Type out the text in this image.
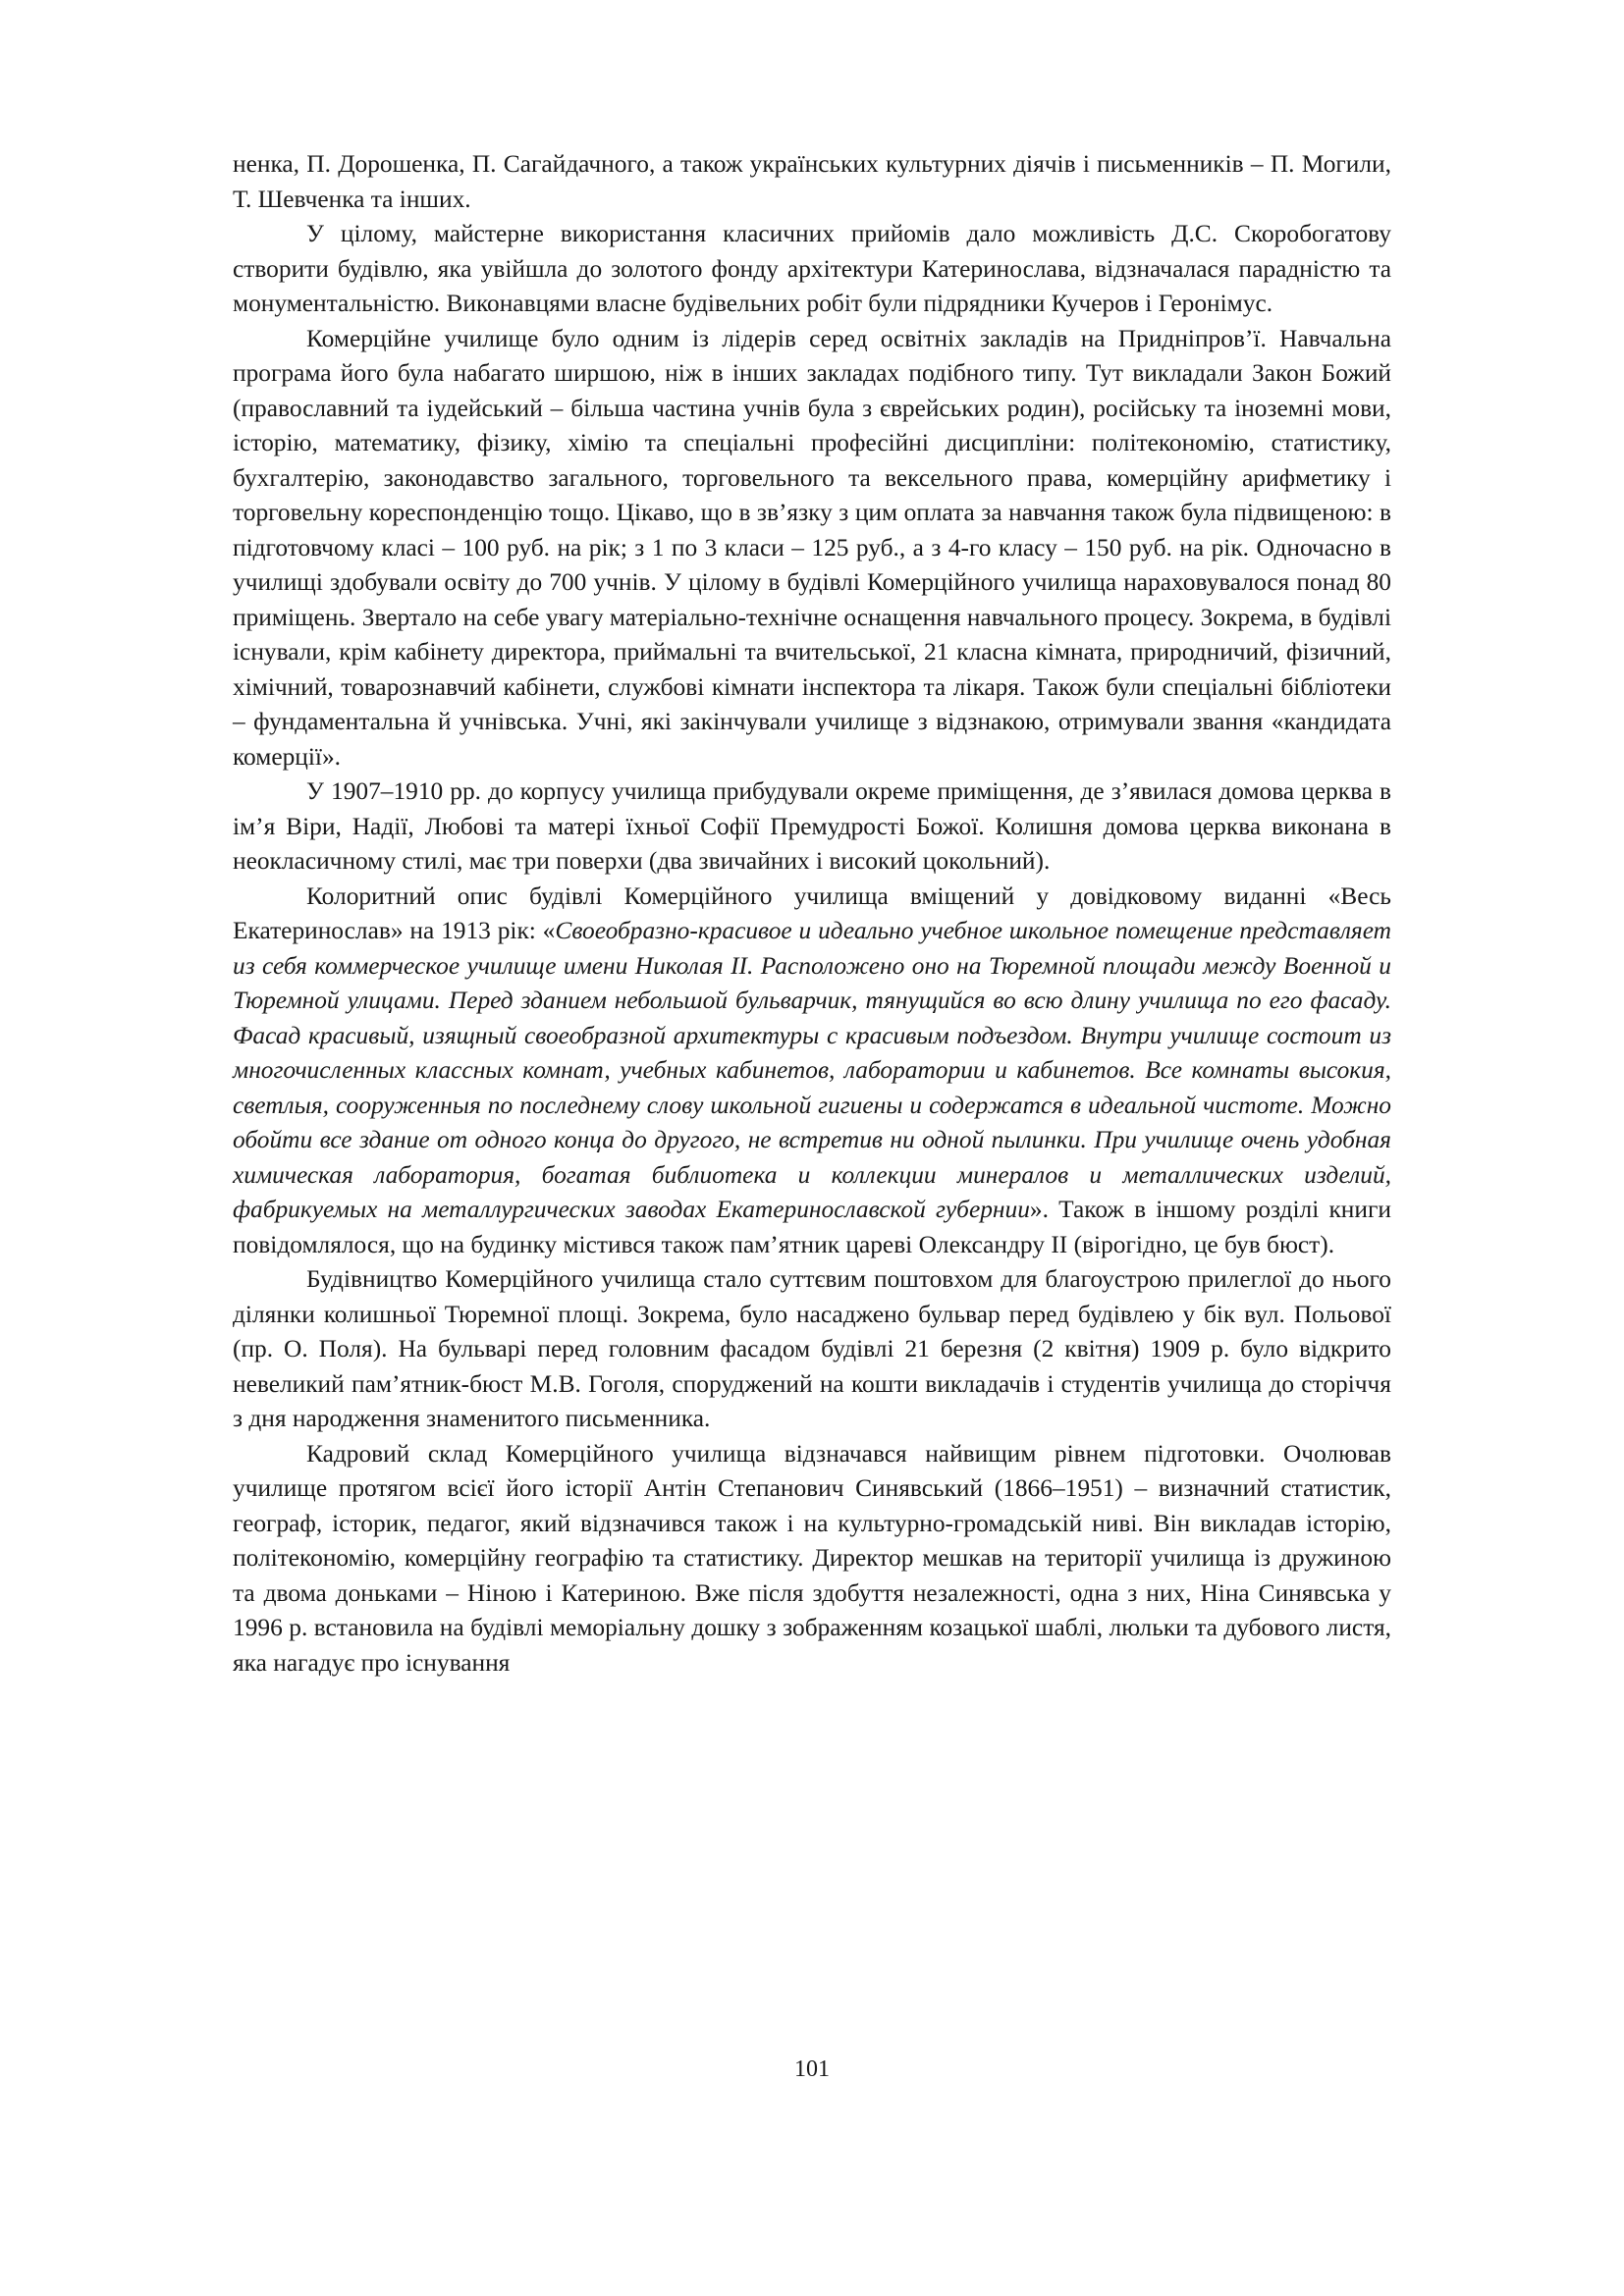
ненка, П. Дорошенка, П. Сагайдачного, а також українських культурних діячів і письменників – П. Могили, Т. Шевченка та інших.

У цілому, майстерне використання класичних прийомів дало можливість Д.С. Скоробогатову створити будівлю, яка увійшла до золотого фонду архітектури Катеринослава, відзначалася парадністю та монументальністю. Виконавцями власне будівельних робіт були підрядники Кучеров і Геронімус.

Комерційне училище було одним із лідерів серед освітніх закладів на Придніпров’ї. Навчальна програма його була набагато ширшою, ніж в інших закладах подібного типу. Тут викладали Закон Божий (православний та іудейський – більша частина учнів була з єврейських родин), російську та іноземні мови, історію, математику, фізику, хімію та спеціальні професійні дисципліни: політекономію, статистику, бухгалтерію, законодавство загального, торговельного та вексельного права, комерційну арифметику і торговельну кореспонденцію тощо. Цікаво, що в зв’язку з цим оплата за навчання також була підвищеною: в підготовчому класі – 100 руб. на рік; з 1 по 3 класи – 125 руб., а з 4-го класу – 150 руб. на рік. Одночасно в училищі здобували освіту до 700 учнів. У цілому в будівлі Комерційного училища нараховувалося понад 80 приміщень. Звертало на себе увагу матеріально-технічне оснащення навчального процесу. Зокрема, в будівлі існували, крім кабінету директора, приймальні та вчительської, 21 класна кімната, природничий, фізичний, хімічний, товарознавчий кабінети, службові кімнати інспектора та лікаря. Також були спеціальні бібліотеки – фундаментальна й учнівська. Учні, які закінчували училище з відзнакою, отримували звання «кандидата комерції».

У 1907–1910 рр. до корпусу училища прибудували окреме приміщення, де з’явилася домова церква в ім’я Віри, Надії, Любові та матері їхньої Софії Премудрості Божої. Колишня домова церква виконана в неокласичному стилі, має три поверхи (два звичайних і високий цокольний).

Колоритний опис будівлі Комерційного училища вміщений у довідковому виданні «Весь Екатеринослав» на 1913 рік: «Своеобразно-красивое и идеально учебное школьное помещение представляет из себя коммерческое училище имени Николая II. Расположено оно на Тюремной площади между Военной и Тюремной улицами. Перед зданием небольшой бульварчик, тянущийся во всю длину училища по его фасаду. Фасад красивый, изящный своеобразной архитектуры с красивым подъездом. Внутри училище состоит из многочисленных классных комнат, учебных кабинетов, лаборатории и кабинетов. Все комнаты высокия, светлыя, сооруженныя по последнему слову школьной гигиены и содержатся в идеальной чистоте. Можно обойти все здание от одного конца до другого, не встретив ни одной пылинки. При училище очень удобная химическая лаборатория, богатая библиотека и коллекции минералов и металлических изделий, фабрикуемых на металлургических заводах Екатеринославской губернии». Також в іншому розділі книги повідомлялося, що на будинку містився також пам’ятник цареві Олександру II (вірогідно, це був бюст).

Будівництво Комерційного училища стало суттєвим поштовхом для благоустрою прилеглої до нього ділянки колишньої Тюремної площі. Зокрема, було насаджено бульвар перед будівлею у бік вул. Польової (пр. О. Поля). На бульварі перед головним фасадом будівлі 21 березня (2 квітня) 1909 р. було відкрито невеликий пам’ятник-бюст М.В. Гоголя, споруджений на кошти викладачів і студентів училища до сторіччя з дня народження знаменитого письменника.

Кадровий склад Комерційного училища відзначався найвищим рівнем підготовки. Очолював училище протягом всієї його історії Антін Степанович Синявський (1866–1951) – визначний статистик, географ, історик, педагог, який відзначився також і на культурно-громадській ниві. Він викладав історію, політекономію, комерційну географію та статистику. Директор мешкав на території училища із дружиною та двома доньками – Ніною і Катериною. Вже після здобуття незалежності, одна з них, Ніна Синявська у 1996 р. встановила на будівлі меморіальну дошку з зображенням козацької шаблі, люльки та дубового листя, яка нагадує про існування

101
